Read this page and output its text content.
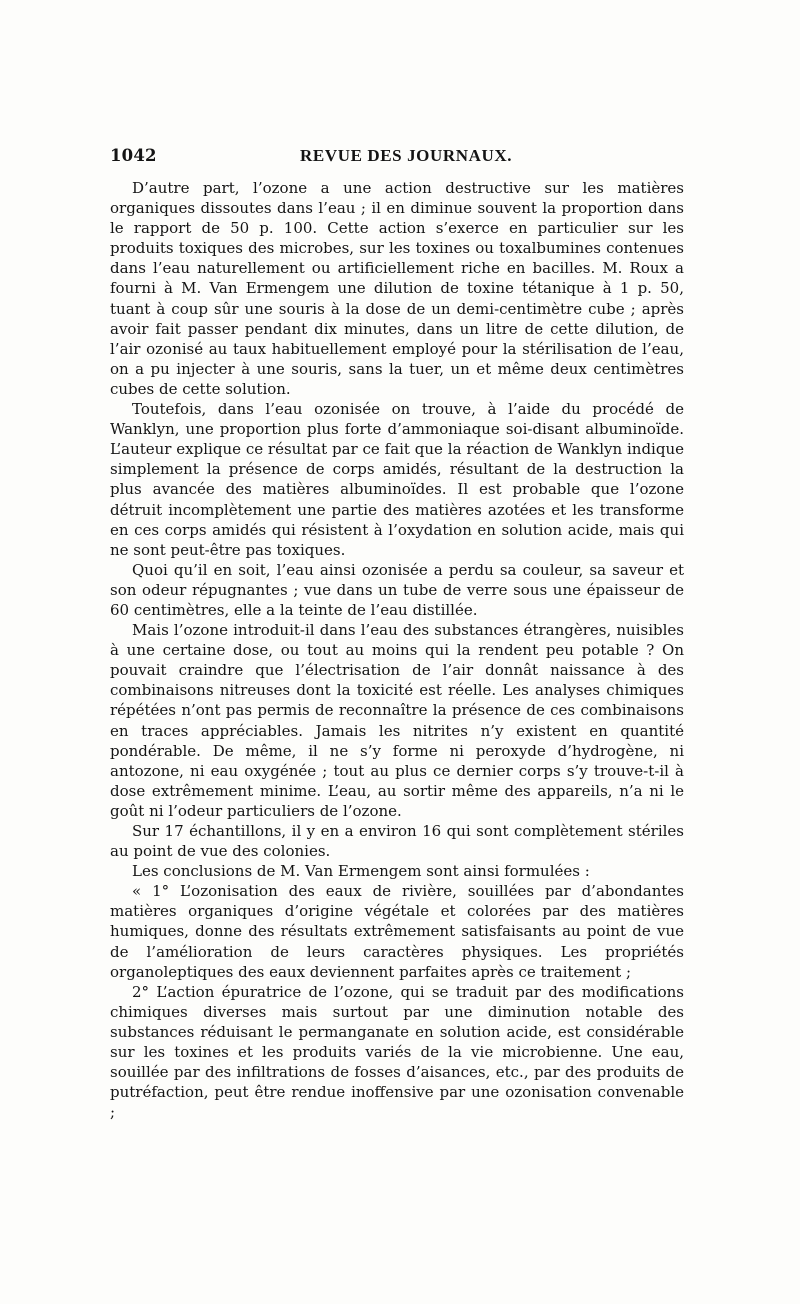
1042	REVUE DES JOURNAUX.

D’autre part, l’ozone a une action destructive sur les matières organiques dissoutes dans l’eau ; il en diminue souvent la proportion dans le rapport de 50 p. 100. Cette action s’exerce en particulier sur les produits toxiques des microbes, sur les toxines ou toxalbumines contenues dans l’eau naturellement ou artificiellement riche en bacilles. M. Roux a fourni à M. Van Ermengem une dilution de toxine tétanique à 1 p. 50, tuant à coup sûr une souris à la dose de un demi-centimètre cube ; après avoir fait passer pendant dix minutes, dans un litre de cette dilution, de l’air ozonisé au taux habituellement employé pour la stérilisation de l’eau, on a pu injecter à une souris, sans la tuer, un et même deux centimètres cubes de cette solution.

Toutefois, dans l’eau ozonisée on trouve, à l’aide du procédé de Wanklyn, une proportion plus forte d’ammoniaque soi-disant albuminoïde. L’auteur explique ce résultat par ce fait que la réaction de Wanklyn indique simplement la présence de corps amidés, résultant de la destruction la plus avancée des matières albuminoïdes. Il est probable que l’ozone détruit incomplètement une partie des matières azotées et les transforme en ces corps amidés qui résistent à l’oxydation en solution acide, mais qui ne sont peut-être pas toxiques.

Quoi qu’il en soit, l’eau ainsi ozonisée a perdu sa couleur, sa saveur et son odeur répugnantes ; vue dans un tube de verre sous une épaisseur de 60 centimètres, elle a la teinte de l’eau distillée.

Mais l’ozone introduit-il dans l’eau des substances étrangères, nuisibles à une certaine dose, ou tout au moins qui la rendent peu potable ? On pouvait craindre que l’électrisation de l’air donnât naissance à des combinaisons nitreuses dont la toxicité est réelle. Les analyses chimiques répétées n’ont pas permis de reconnaître la présence de ces combinaisons en traces appréciables. Jamais les nitrites n’y existent en quantité pondérable. De même, il ne s’y forme ni peroxyde d’hydrogène, ni antozone, ni eau oxygénée ; tout au plus ce dernier corps s’y trouve-t-il à dose extrêmement minime. L’eau, au sortir même des appareils, n’a ni le goût ni l’odeur particuliers de l’ozone.

Sur 17 échantillons, il y en a environ 16 qui sont complètement stériles au point de vue des colonies.

Les conclusions de M. Van Ermengem sont ainsi formulées :

« 1° L’ozonisation des eaux de rivière, souillées par d’abondantes matières organiques d’origine végétale et colorées par des matières humiques, donne des résultats extrêmement satisfaisants au point de vue de l’amélioration de leurs caractères physiques. Les propriétés organoleptiques des eaux deviennent parfaites après ce traitement ;

2° L’action épuratrice de l’ozone, qui se traduit par des modifications chimiques diverses mais surtout par une diminution notable des substances réduisant le permanganate en solution acide, est considérable sur les toxines et les produits variés de la vie microbienne. Une eau, souillée par des infiltrations de fosses d’aisances, etc., par des produits de putréfaction, peut être rendue inoffensive par une ozonisation convenable ;
